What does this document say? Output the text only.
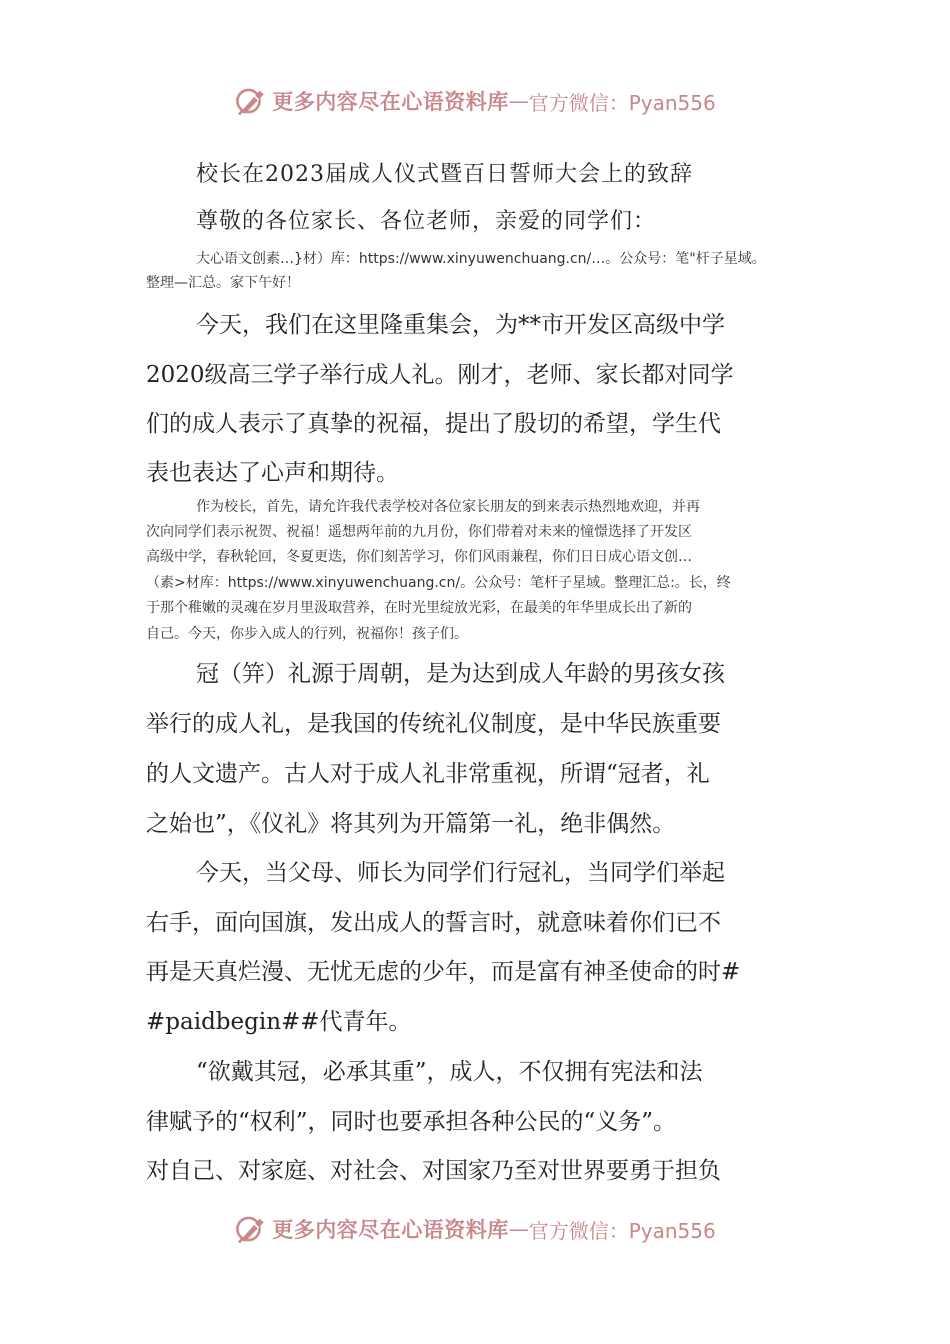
更多内容尽在心语资料库 — 官方微信：Pyan556
校长在2023届成人仪式暨百日誓师大会上的致辞
尊敬的各位家长、各位老师，亲爱的同学们：
大心语文创素…}材）库：https://www.xinyuwenchuang.cn/…。公众号：笔"杆子星域。
整理—汇总。家下午好！
今天，我们在这里隆重集会，为**市开发区高级中学
2020级高三学子举行成人礼。刚才，老师、家长都对同学
们的成人表示了真挚的祝福，提出了殷切的希望，学生代
表也表达了心声和期待。
作为校长，首先，请允许我代表学校对各位家长朋友的到来表示热烈地欢迎，并再
次向同学们表示祝贺、祝福！遥想两年前的九月份，你们带着对未来的憧憬选择了开发区
高级中学，春秋轮回，冬夏更迭，你们刻苦学习，你们风雨兼程，你们日日成心语文创…
（素>材库：https://www.xinyuwenchuang.cn/。公众号：笔杆子星域。整理汇总:。长，终
于那个稚嫩的灵魂在岁月里汲取营养，在时光里绽放光彩，在最美的年华里成长出了新的
自己。今天，你步入成人的行列，祝福你！孩子们。
冠（笄）礼源于周朝，是为达到成人年龄的男孩女孩
举行的成人礼，是我国的传统礼仪制度，是中华民族重要
的人文遗产。古人对于成人礼非常重视，所谓“冠者，礼
之始也”，《仪礼》将其列为开篇第一礼，绝非偶然。
今天，当父母、师长为同学们行冠礼，当同学们举起
右手，面向国旗，发出成人的誓言时，就意味着你们已不
再是天真烂漫、无忧无虑的少年，而是富有神圣使命的时#
#paidbegin##代青年。
“欲戴其冠，必承其重”，成人，不仅拥有宪法和法
律赋予的“权利”，同时也要承担各种公民的“义务”。
对自己、对家庭、对社会、对国家乃至对世界要勇于担负
更多内容尽在心语资料库 — 官方微信：Pyan556
